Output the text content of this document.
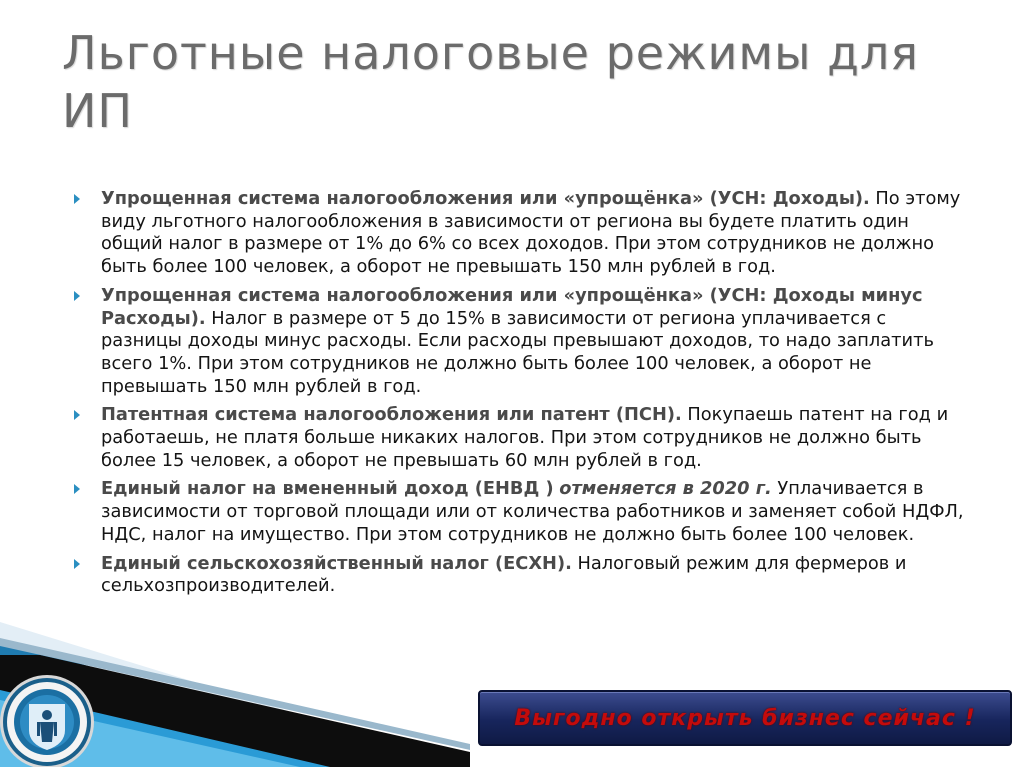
Льготные налоговые режимы для ИП
Упрощенная система налогообложения или «упрощёнка» (УСН: Доходы). По этому виду льготного налогообложения в зависимости от региона вы будете платить один общий налог в размере от 1% до 6% со всех доходов. При этом сотрудников не должно быть более 100 человек, а оборот не превышать 150 млн рублей в год.
Упрощенная система налогообложения или «упрощёнка» (УСН: Доходы минус Расходы). Налог в размере от 5 до 15% в зависимости от региона уплачивается с разницы доходы минус расходы. Если расходы превышают доходов, то надо заплатить всего 1%. При этом сотрудников не должно быть более 100 человек, а оборот не превышать 150 млн рублей в год.
Патентная система налогообложения или патент (ПСН). Покупаешь патент на год и работаешь, не платя больше никаких налогов. При этом сотрудников не должно быть более 15 человек, а оборот не превышать 60 млн рублей в год.
Единый налог на вмененный доход (ЕНВД ) отменяется в 2020 г. Уплачивается в зависимости от торговой площади или от количества работников и заменяет собой НДФЛ, НДС, налог на имущество. При этом сотрудников не должно быть более 100 человек.
Единый сельскохозяйственный налог (ЕСХН). Налоговый режим для фермеров и сельхозпроизводителей.
Выгодно открыть бизнес сейчас !
